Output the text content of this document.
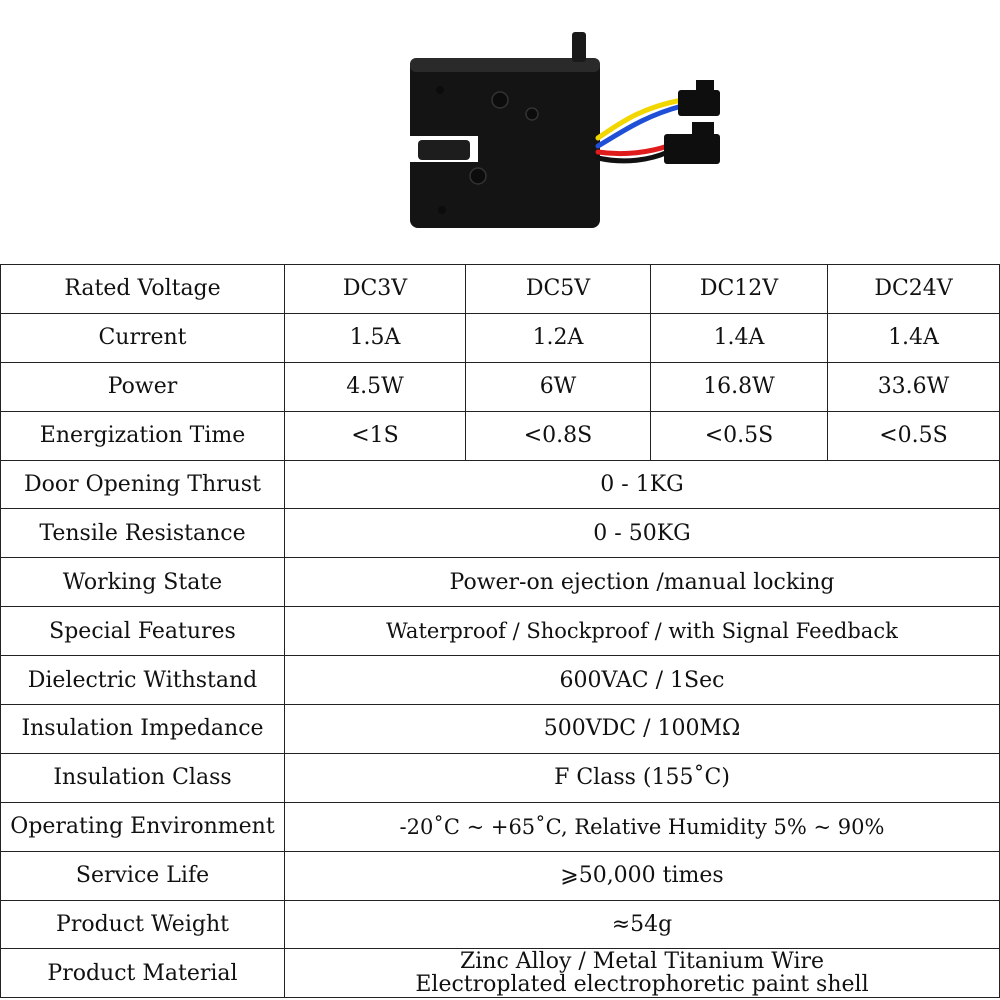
Rated Voltage	DC3V	DC5V	DC12V	DC24V
Current	1.5A	1.2A	1.4A	1.4A
Power	4.5W	6W	16.8W	33.6W
Energization Time	<1S	<0.8S	<0.5S	<0.5S
Door Opening Thrust	0 - 1KG			
Tensile Resistance	0 - 50KG			
Working State	Power-on ejection /manual locking			
Special Features	Waterproof / Shockproof / with Signal Feedback			
Dielectric Withstand	600VAC / 1Sec			
Insulation Impedance	500VDC / 100MΩ			
Insulation Class	F Class (155˚C)			
Operating Environment	-20˚C ~ +65˚C, Relative Humidity 5% ~ 90%			
Service Life	⩾50,000 times			
Product Weight	≈54g			
Product Material	Zinc Alloy / Metal Titanium Wire
Electroplated electrophoretic paint shell			
